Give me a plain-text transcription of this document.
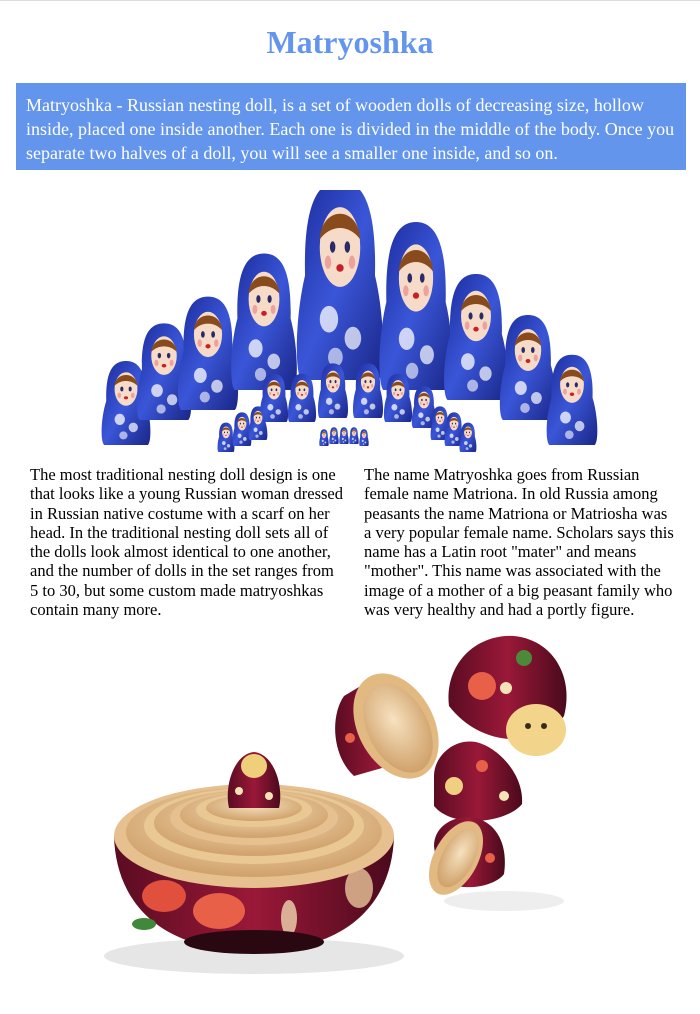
Matryoshka
Matryoshka - Russian nesting doll, is a set of wooden dolls of decreasing size, hollow inside, placed one inside another. Each one is divided in the middle of the body. Once you separate two halves of a doll, you will see a smaller one inside, and so on.

The most traditional nesting doll design is one that looks like a young Russian woman dressed in Russian native costume with a scarf on her head. In the traditional nesting doll sets all of the dolls look almost identical to one another, and the number of dolls in the set ranges from 5 to 30, but some custom made matryoshkas contain many more.

The name Matryoshka goes from Russian female name Matriona. In old Russia among peasants the name Matriona or Matriosha was a very popular female name. Scholars says this name has a Latin root "mater" and means "mother". This name was associated with the image of a mother of a big peasant family who was very healthy and had a portly figure.
